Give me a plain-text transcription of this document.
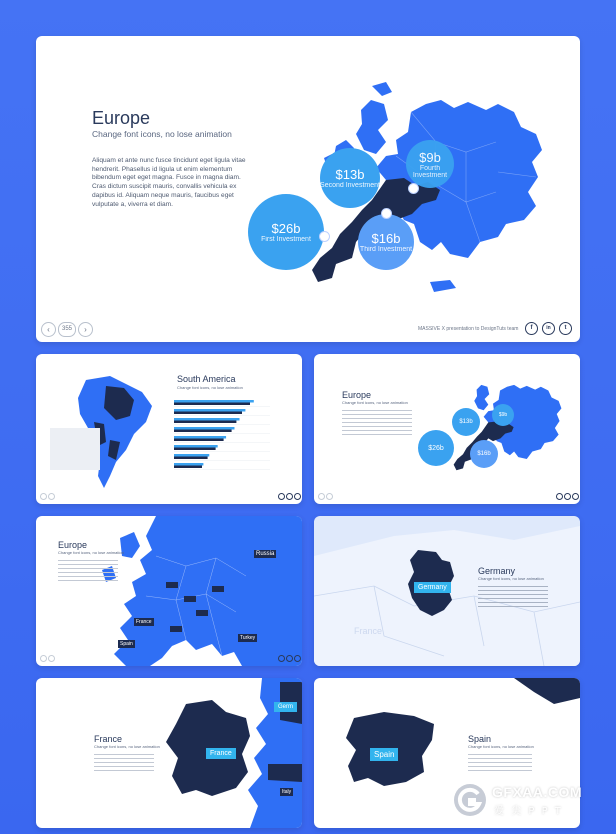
Europe
Change font icons, no lose animation
Aliquam et ante nunc fusce tincidunt eget ligula vitae hendrerit. Phasellus id ligula ut enim elementum bibendum eget eget magna. Fusce in magna diam. Cras dictum suscipit mauris, convallis vehicula ex dapibus id. Aliquam neque mauris, faucibus eget vulputate a, viverra et diam.
$26b
First Investment
$13b
Second Investment
$9b
Fourth Investment
$16b
Third Investment
‹	355	›	MASSIVE X presentation to DesignTuts team	f	in	t
South America
Change font icons, no lose animation
Europe
Change font icons, no lose animation
$26b
$13b
$9b
$16b
Europe
Change font icons, no lose animation	Russia
France
Spain
Turkey
Germany
France
Germany
Change font icons, no lose animation
France
Germ
Italy
France
Change font icons, no lose animation
Spain
Spain
Change font icons, no lose animation
GFXAA.COM
爱 尖 P P T
